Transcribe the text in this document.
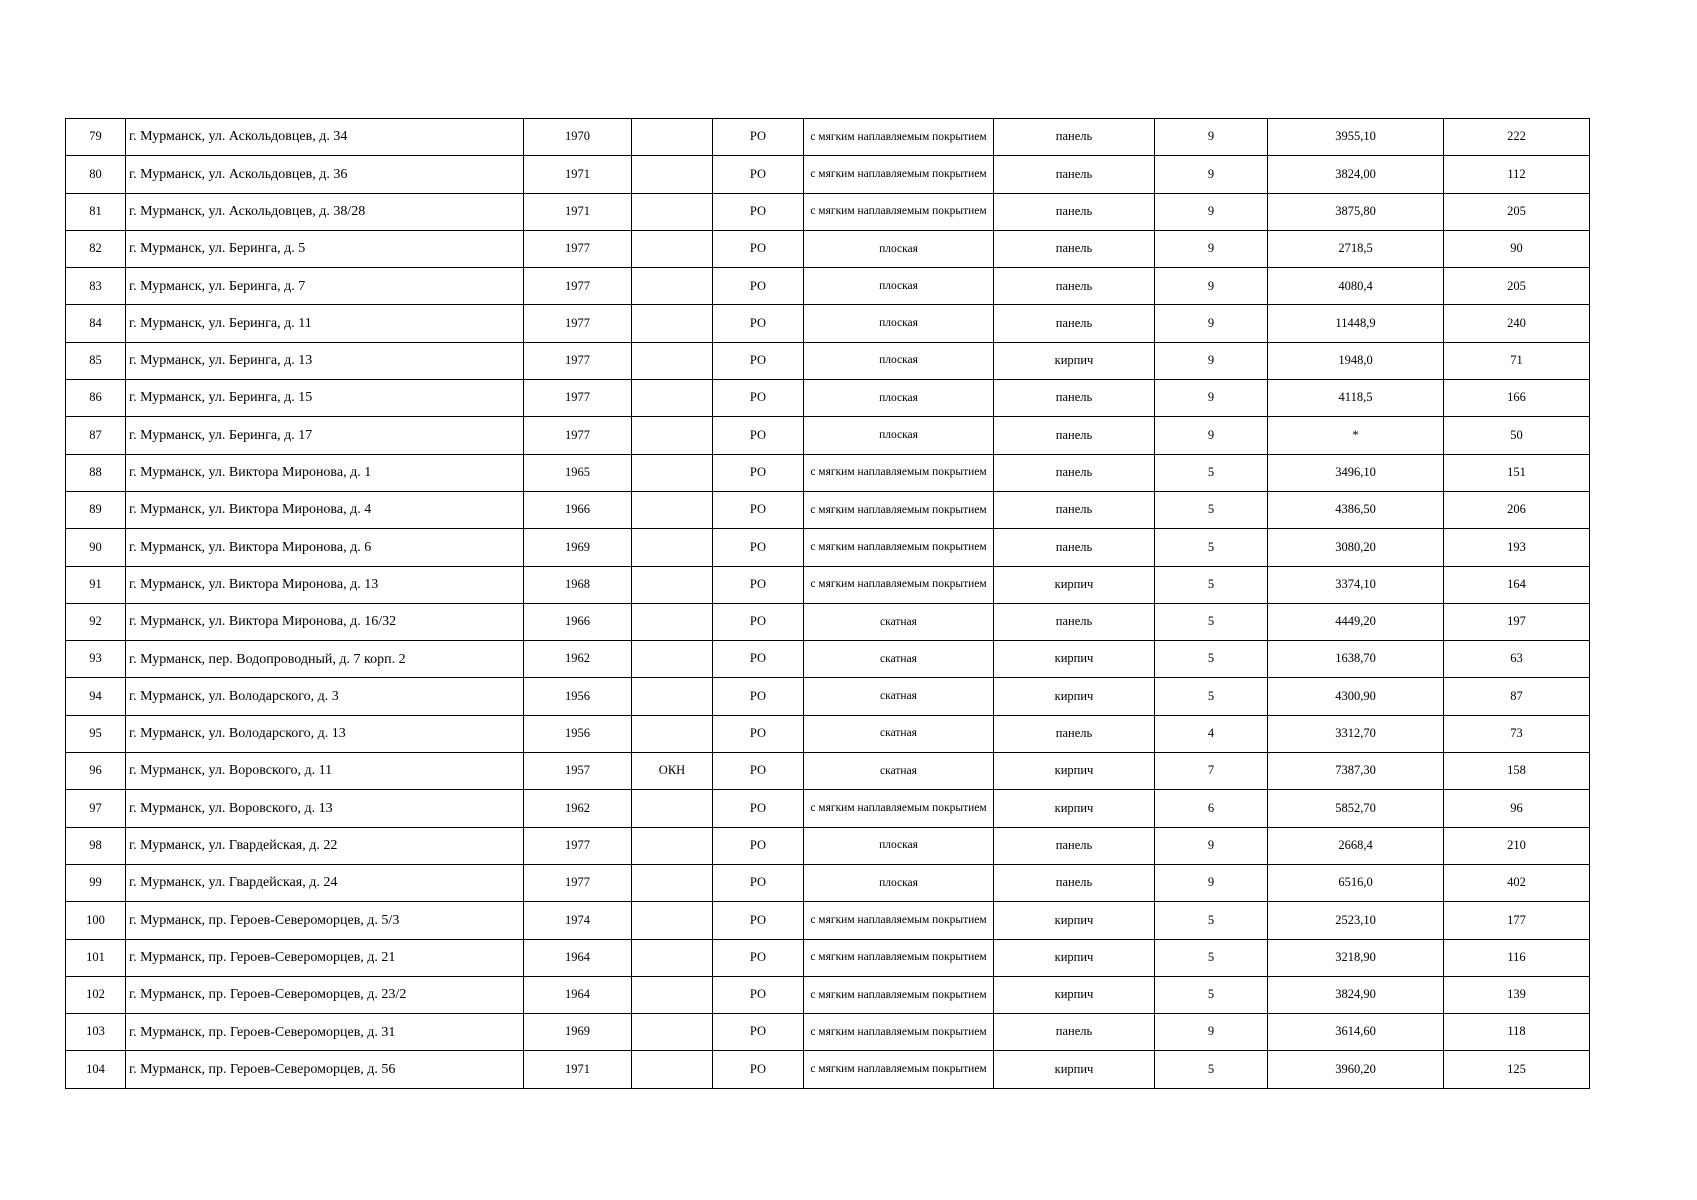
79	г. Мурманск, ул. Аскольдовцев, д. 34	1970		РО	с мягким наплавляемым покрытием	панель	9	3955,10	222
80	г. Мурманск, ул. Аскольдовцев, д. 36	1971		РО	с мягким наплавляемым покрытием	панель	9	3824,00	112
81	г. Мурманск, ул. Аскольдовцев, д. 38/28	1971		РО	с мягким наплавляемым покрытием	панель	9	3875,80	205
82	г. Мурманск, ул. Беринга, д. 5	1977		РО	плоская	панель	9	2718,5	90
83	г. Мурманск, ул. Беринга, д. 7	1977		РО	плоская	панель	9	4080,4	205
84	г. Мурманск, ул. Беринга, д. 11	1977		РО	плоская	панель	9	11448,9	240
85	г. Мурманск, ул. Беринга, д. 13	1977		РО	плоская	кирпич	9	1948,0	71
86	г. Мурманск, ул. Беринга, д. 15	1977		РО	плоская	панель	9	4118,5	166
87	г. Мурманск, ул. Беринга, д. 17	1977		РО	плоская	панель	9	*	50
88	г. Мурманск, ул. Виктора Миронова, д. 1	1965		РО	с мягким наплавляемым покрытием	панель	5	3496,10	151
89	г. Мурманск, ул. Виктора Миронова, д. 4	1966		РО	с мягким наплавляемым покрытием	панель	5	4386,50	206
90	г. Мурманск, ул. Виктора Миронова, д. 6	1969		РО	с мягким наплавляемым покрытием	панель	5	3080,20	193
91	г. Мурманск, ул. Виктора Миронова, д. 13	1968		РО	с мягким наплавляемым покрытием	кирпич	5	3374,10	164
92	г. Мурманск, ул. Виктора Миронова, д. 16/32	1966		РО	скатная	панель	5	4449,20	197
93	г. Мурманск, пер. Водопроводный, д. 7 корп. 2	1962		РО	скатная	кирпич	5	1638,70	63
94	г. Мурманск, ул. Володарского, д. 3	1956		РО	скатная	кирпич	5	4300,90	87
95	г. Мурманск, ул. Володарского, д. 13	1956		РО	скатная	панель	4	3312,70	73
96	г. Мурманск, ул. Воровского, д. 11	1957	ОКН	РО	скатная	кирпич	7	7387,30	158
97	г. Мурманск, ул. Воровского, д. 13	1962		РО	с мягким наплавляемым покрытием	кирпич	6	5852,70	96
98	г. Мурманск, ул. Гвардейская, д. 22	1977		РО	плоская	панель	9	2668,4	210
99	г. Мурманск, ул. Гвардейская, д. 24	1977		РО	плоская	панель	9	6516,0	402
100	г. Мурманск, пр. Героев-Североморцев, д. 5/3	1974		РО	с мягким наплавляемым покрытием	кирпич	5	2523,10	177
101	г. Мурманск, пр. Героев-Североморцев, д. 21	1964		РО	с мягким наплавляемым покрытием	кирпич	5	3218,90	116
102	г. Мурманск, пр. Героев-Североморцев, д. 23/2	1964		РО	с мягким наплавляемым покрытием	кирпич	5	3824,90	139
103	г. Мурманск, пр. Героев-Североморцев, д. 31	1969		РО	с мягким наплавляемым покрытием	панель	9	3614,60	118
104	г. Мурманск, пр. Героев-Североморцев, д. 56	1971		РО	с мягким наплавляемым покрытием	кирпич	5	3960,20	125
